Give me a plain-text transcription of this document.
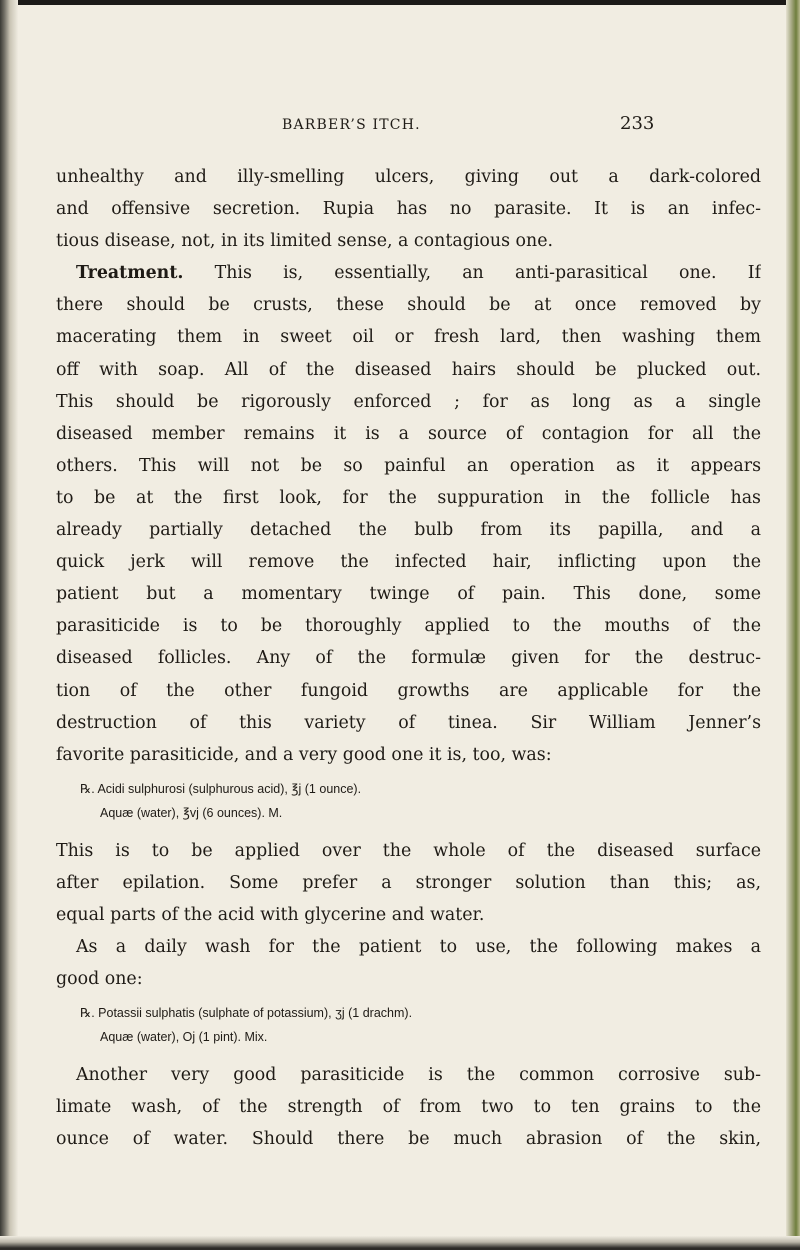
BARBER’S ITCH.	233
unhealthy and illy-smelling ulcers, giving out a dark-colored
and offensive secretion. Rupia has no parasite. It is an infec-
tious disease, not, in its limited sense, a contagious one.
Treatment. This is, essentially, an anti-parasitical one. If
there should be crusts, these should be at once removed by
macerating them in sweet oil or fresh lard, then washing them
off with soap. All of the diseased hairs should be plucked out.
This should be rigorously enforced ; for as long as a single
diseased member remains it is a source of contagion for all the
others. This will not be so painful an operation as it appears
to be at the first look, for the suppuration in the follicle has
already partially detached the bulb from its papilla, and a
quick jerk will remove the infected hair, inflicting upon the
patient but a momentary twinge of pain. This done, some
parasiticide is to be thoroughly applied to the mouths of the
diseased follicles. Any of the formulæ given for the destruc-
tion of the other fungoid growths are applicable for the
destruction of this variety of tinea. Sir William Jenner’s
favorite parasiticide, and a very good one it is, too, was:
℞. Acidi sulphurosi (sulphurous acid), ℥j (1 ounce).
Aquæ (water), ℥vj (6 ounces). M.
This is to be applied over the whole of the diseased surface
after epilation. Some prefer a stronger solution than this; as,
equal parts of the acid with glycerine and water.
As a daily wash for the patient to use, the following makes a
good one:
℞. Potassii sulphatis (sulphate of potassium), ʒj (1 drachm).
Aquæ (water), Oj (1 pint). Mix.
Another very good parasiticide is the common corrosive sub-
limate wash, of the strength of from two to ten grains to the
ounce of water. Should there be much abrasion of the skin,
